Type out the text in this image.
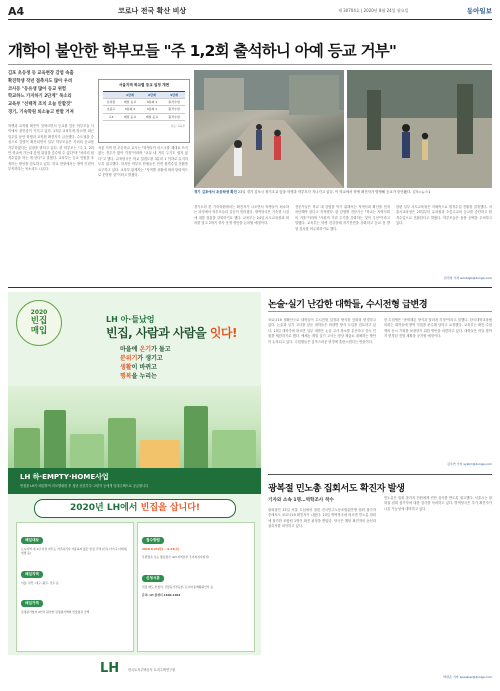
A4	코로나 전국 확산 비상	제 30704호 | 2020년 8월 24일 월요일	동아일보
개학이 불안한 학부모들 "주 1,2회 출석하니 아예 등교 거부"
김포 초등생 등 교육현장 감염 속출
확진학생 작년 접촉자도 많아 우려
코사등 "등유생 많아 등교 위험
학교하느 가지하기 2단계" 목소리
교육부 "선택적 조치 오늘 안할것"
경기, 기숙학원 퇴소놓고 반발 거져
서울지역 학교별 등교 일정 개편
1단계	2단계	3단계
유치원	매일 등교	3분의 1	원격수업
초중고	3분의 2	3분의 1	원격수업
고3	매일 등교	매일 등교	원격수업
자료: 교육부
경기 김포에서 초등학생 확진 23일 경기 김포시 장기초교 앞을 학생과 학부모가 지나가고 있다. 이 학교에서 학생 확진자가 발생해 등교가 중단됐다. 김포=뉴스1
학생과 교직원 확진이 잇따르면서 등교를 앞둔 학부모들 사이에서 불안감이 커지고 있다. 23일 교육부에 따르면 최근 일주일 동안 학생과 교직원 확진자가 급증했다. 수도권을 중심으로 감염이 확산되면서 일부 학부모들은 자녀의 등교를 거부하겠다는 입장을 밝히고 있다. 한 학부모는 "주 1, 2회만 학교에 가는데 감염 위험을 감수할 수 없다"며 "차라리 원격수업을 하는 게 낫다"고 말했다. 교육부는 등교 인원을 조정하는 방안을 검토하고 있다. 학교 현장에서는 방역 인력이 부족하다는 목소리도 나온다.
서울 지역 한 초등학교 교사는 "학생들이 마스크를 제대로 쓰지 않는 경우가 많아 걱정"이라며 "교실 내 거리 두기도 쉽지 않다"고 했다. 교육당국은 학교 밀집도를 3분의 1 이하로 유지하도록 권고했다. 하지만 학부모 단체들은 전면 원격수업 전환을 요구하고 있다. 교육부 관계자는 "지역별 상황에 따라 탄력적으로 운영할 것"이라고 밝혔다.
경기도의 한 기숙학원에서는 확진자가 나오면서 학생들이 퇴소하는 과정에서 학부모들과 갈등이 빚어졌다. 방역당국은 기숙형 시설에 대한 점검을 강화하기로 했다. 교육부는 24일 시도교육청과 회의를 열고 2학기 학사 운영 방안을 논의할 예정이다.
전문가들은 학교 내 감염을 막기 위해서는 지역사회 확산을 먼저 차단해야 한다고 지적했다. 한 감염병 전문가는 "학교는 지역사회의 거울"이라며 "사회적 거리 두기를 강화하는 것이 우선"이라고 말했다. 교육부는 학생 건강상태 자가진단을 강화하고 등교 전 발열 검사를 의무화하기로 했다.
한편 일부 시도교육청은 자체적으로 원격수업 전환을 결정했다. 서울시교육청은 25일부터 유치원과 초중고교의 등교를 중단하고 원격수업으로 전환한다고 밝혔다. 학부모들은 돌봄 공백을 우려하고 있다.
전주영 기자 aimhigh@donga.com
2020
빈집
매입
LH 아·들났엉
빈집, 사람과 사람을 잇다!
마을에 온기가 돌고
분위기가 생기고
생활이 바뀌고
행복을 누리는
LH 하·EMPTY·HOME사업
빈집을 LH가 매입하여 리모델링한 후 청년·신혼부부·고령자 등에게 임대주택으로 공급합니다
2020년 LH에서 빈집을 삽니다!
매입대상
도시지역 내 1년 이상 아무도 거주하거나 사용하지 않은 빈집 주택 (단독·다가구·다세대·연립 등)
매입지역
서울, 부산, 대구, 광주, 전주 등
매입가격
감정평가업자 2인이 평가한 감정평가액의 산술평균 금액
접수방법
2020.8.24(월) ~ 9.23(수)
우편접수 또는 방문접수 (LH 지역본부 주거복지사업처)
신청서류
빈집 매도 신청서, 건물등기부등본, 토지이용계획확인서 등
문의: LH 콜센터 1600-1004
LH	한국토지주택공사 토지주택연구원
논술·실기 난감한 대학들, 수시전형 급변경
코로나19 재확산으로 대학들이 수시전형 일정과 방식을 잇따라 변경하고 있다. 논술과 실기 고사를 앞둔 대학들은 비대면 방식 도입을 검토하고 있다. 23일 대학가에 따르면 일부 대학은 논술 고사 장소를 분산하고 응시 인원을 제한하기로 했다. 예체능 계열 실기 고사는 영상 제출로 대체하는 방안이 논의되고 있다. 수험생들은 갑작스러운 변경에 혼란스럽다는 반응이다.
한 수험생은 "준비해온 방식과 달라져 걱정"이라고 말했다. 한국대학교육협의회는 대학들에 방역 지침을 준수해 달라고 요청했다. 교육부는 확진 수험생의 응시 기회를 보장하기 위한 방안을 마련하고 있다. 대학들은 이달 말까지 변경된 전형 계획을 공지할 예정이다.
김수연 기자 sykim@donga.com
광복절 민노총 집회서도 확진자 발생
기자와 소속 1명…역학조사 착수
광복절인 15일 서울 도심에서 열린 전국민주노동조합총연맹 집회 참가자 중에서도 코로나19 확진자가 나왔다. 23일 방역당국에 따르면 민노총 집회에 참가한 조합원 1명이 확진 판정을 받았다. 당국은 해당 확진자의 동선과 접촉자를 파악하고 있다.
민노총은 집회 참가자 전원에게 진단 검사를 받도록 권고했다. 서울시는 광복절 집회 참가자에 대한 검사를 독려하고 있다. 방역당국은 추가 확진자가 나올 가능성에 대비하고 있다.
박상준 기자 speakup@donga.com
